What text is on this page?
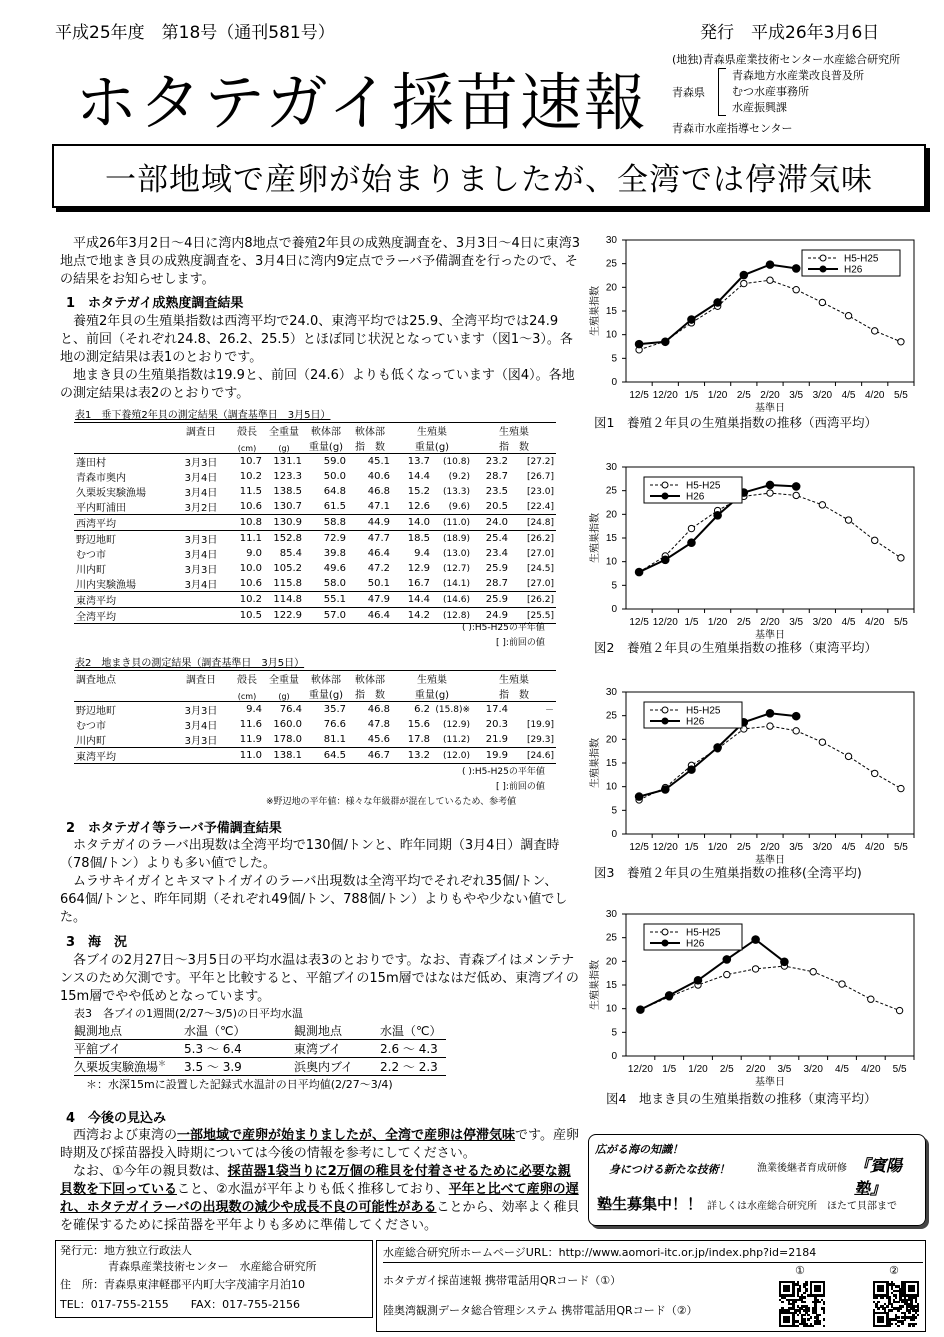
平成25年度　第18号（通刊581号）	発行　平成26年3月6日
ホタテガイ採苗速報
(地独)青森県産業技術センター水産総合研究所
青森県
青森地方水産業改良普及所
むつ水産事務所
水産振興課
青森市水産指導センター
一部地域で産卵が始まりましたが、全湾では停滞気味
平成26年3月2日～4日に湾内8地点で養殖2年貝の成熟度調査を、3月3日～4日に東湾3地点で地まき貝の成熟度調査を、3月4日に湾内9定点でラーバ予備調査を行ったので、その結果をお知らせします。
1　ホタテガイ成熟度調査結果
養殖2年貝の生殖巣指数は西湾平均で24.0、東湾平均では25.9、全湾平均では24.9と、前回（それぞれ24.8、26.2、25.5）とほぼ同じ状況となっています（図1～3）。各地の測定結果は表1のとおりです。
地まき貝の生殖巣指数は19.9と、前回（24.6）よりも低くなっています（図4）。各地の測定結果は表2のとおりです。
表1　垂下養殖2年貝の測定結果（調査基準日　3月5日）
	調査日	殻長	全重量	軟体部	軟体部	生殖巣		生殖巣	
		(cm)	(g)	重量(g)	指　数	重量(g)		指　数	
蓬田村	3月3日	10.7	131.1	59.0	45.1	13.7	(10.8)	23.2	[27.2]
青森市奥内	3月4日	10.2	123.3	50.0	40.6	14.4	(9.2)	28.7	[26.7]
久栗坂実験漁場	3月4日	11.5	138.5	64.8	46.8	15.2	(13.3)	23.5	[23.0]
平内町浦田	3月2日	10.6	130.7	61.5	47.1	12.6	(9.6)	20.5	[22.4]
西湾平均		10.8	130.9	58.8	44.9	14.0	(11.0)	24.0	[24.8]
野辺地町	3月3日	11.1	152.8	72.9	47.7	18.5	(18.9)	25.4	[26.2]
むつ市	3月4日	9.0	85.4	39.8	46.4	9.4	(13.0)	23.4	[27.0]
川内町	3月3日	10.0	105.2	49.6	47.2	12.9	(12.7)	25.9	[24.5]
川内実験漁場	3月4日	10.6	115.8	58.0	50.1	16.7	(14.1)	28.7	[27.0]
東湾平均		10.2	114.8	55.1	47.9	14.4	(14.6)	25.9	[26.2]
全湾平均		10.5	122.9	57.0	46.4	14.2	(12.8)	24.9	[25.5]
( ):H5-H25の平年値
[ ]:前回の値
表2　地まき貝の測定結果（調査基準日　3月5日）
調査地点	調査日	殻長	全重量	軟体部	軟体部	生殖巣		生殖巣	
		(cm)	(g)	重量(g)	指　数	重量(g)		指　数	
野辺地町	3月3日	9.4	76.4	35.7	46.8	6.2	(15.8)※	17.4	－
むつ市	3月4日	11.6	160.0	76.6	47.8	15.6	(12.9)	20.3	[19.9]
川内町	3月3日	11.9	178.0	81.1	45.6	17.8	(11.2)	21.9	[29.3]
東湾平均		11.0	138.1	64.5	46.7	13.2	(12.0)	19.9	[24.6]
( ):H5-H25の平年値
[ ]:前回の値
※野辺地の平年値：様々な年級群が混在しているため、参考値
2　ホタテガイ等ラーバ予備調査結果
ホタテガイのラーバ出現数は全湾平均で130個/トンと、昨年同期（3月4日）調査時（78個/トン）よりも多い値でした。
ムラサキイガイとキヌマトイガイのラーバ出現数は全湾平均でそれぞれ35個/トン、664個/トンと、昨年同期（それぞれ49個/トン、788個/トン）よりもやや少ない値でした。
3　海　況
各ブイの2月27日～3月5日の平均水温は表3のとおりです。なお、青森ブイはメンテナンスのため欠測です。平年と比較すると、平舘ブイの15m層ではなはだ低め、東湾ブイの15m層でやや低めとなっています。
表3　各ブイの1週間(2/27～3/5)の日平均水温
観測地点	水温（℃）	観測地点	水温（℃）
平舘ブイ	5.3 ～ 6.4	東湾ブイ	2.6 ～ 4.3
久栗坂実験漁場＊	3.5 ～ 3.9	浜奥内ブイ	2.2 ～ 2.3
＊：水深15mに設置した記録式水温計の日平均値(2/27～3/4)
4　今後の見込み
西湾および東湾の一部地域で産卵が始まりましたが、全湾で産卵は停滞気味です。産卵時期及び採苗器投入時期については今後の情報を参考にしてください。
なお、①今年の親貝数は、採苗器1袋当りに2万個の稚貝を付着させるために必要な親貝数を下回っていること、②水温が平年よりも低く推移しており、平年と比べて産卵の遅れ、ホタテガイラーバの出現数の減少や成長不良の可能性があることから、効率よく稚貝を確保するために採苗器を平年よりも多めに準備してください。
0
5
10
15
20
25
30
12/5 12/20 1/5 1/20 2/5 2/20 3/5 3/20 4/5 4/20 5/5
基準日
生殖巣指数
H5-H25
H26
図1　養殖２年貝の生殖巣指数の推移（西湾平均）
0
5
10
15
20
25
30
12/5 12/20 1/5 1/20 2/5 2/20 3/5 3/20 4/5 4/20 5/5
基準日
生殖巣指数
H5-H25
H26
図2　養殖２年貝の生殖巣指数の推移（東湾平均）
0
5
10
15
20
25
30
12/5 12/20 1/5 1/20 2/5 2/20 3/5 3/20 4/5 4/20 5/5
基準日
生殖巣指数
H5-H25
H26
図3　養殖２年貝の生殖巣指数の推移(全湾平均)
0
5
10
15
20
25
30
12/20 1/5 1/20 2/5 2/20 3/5 3/20 4/5 4/20 5/5
基準日
生殖巣指数
H5-H25
H26
図4　地まき貝の生殖巣指数の推移（東湾平均）
広がる海の知識！
身につける新たな技術！	漁業後継者育成研修 『賓陽塾』
塾生募集中！！ 詳しくは水産総合研究所　ほたて貝部まで
発行元：地方独立行政法人
青森県産業技術センター　水産総合研究所
住　所：青森県東津軽郡平内町大字茂浦字月泊10
TEL：017-755-2155　　FAX：017-755-2156
水産総合研究所ホームページURL：http://www.aomori-itc.or.jp/index.php?id=2184
ホタテガイ採苗速報 携帯電話用QRコード（①）
陸奥湾観測データ総合管理システム 携帯電話用QRコード（②）
①	②
